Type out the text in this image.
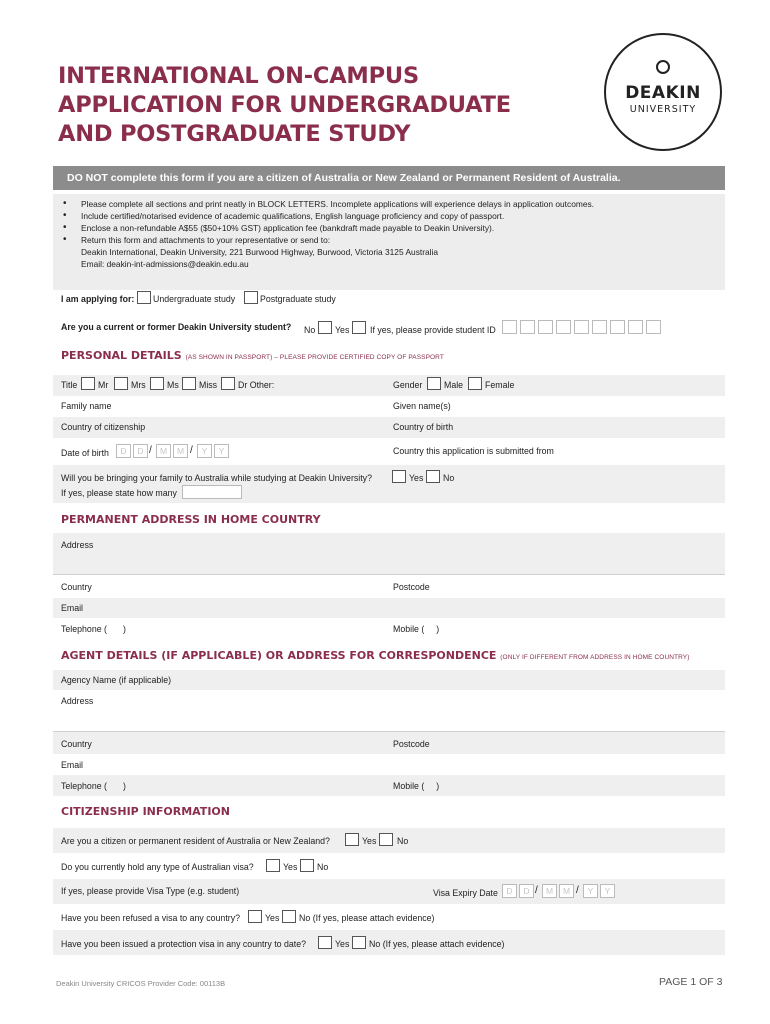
INTERNATIONAL ON-CAMPUS
APPLICATION FOR UNDERGRADUATE
AND POSTGRADUATE STUDY
DEAKIN
UNIVERSITY
DO NOT complete this form if you are a citizen of Australia or New Zealand or Permanent Resident of Australia.
• Please complete all sections and print neatly in BLOCK LETTERS. Incomplete applications will experience delays in application outcomes.
• Include certified/notarised evidence of academic qualifications, English language proficiency and copy of passport.
• Enclose a non-refundable A$55 ($50+10% GST) application fee (bankdraft made payable to Deakin University).
• Return this form and attachments to your representative or send to:
Deakin International, Deakin University, 221 Burwood Highway, Burwood, Victoria 3125 Australia
Email: deakin-int-admissions@deakin.edu.au
I am applying for: Undergraduate study	Postgraduate study
Are you a current or former Deakin University student? No Yes If yes, please provide student ID
PERSONAL DETAILS (AS SHOWN IN PASSPORT) – PLEASE PROVIDE CERTIFIED COPY OF PASSPORT
Title Mr	Mrs Ms Miss Dr Other:	Gender Male Female
Family name	Given name(s)
Country of citizenship	Country of birth
Date of birth	D	D / M	M /	Y	Y	Country this application is submitted from
Will you be bringing your family to Australia while studying at Deakin University?	Yes No
If yes, please state how many
PERMANENT ADDRESS IN HOME COUNTRY
Address
Country	Postcode
Email
Telephone ( )	Mobile ( )
AGENT DETAILS (IF APPLICABLE) OR ADDRESS FOR CORRESPONDENCE (ONLY IF DIFFERENT FROM ADDRESS IN HOME COUNTRY)
Agency Name (if applicable)
Address
Country	Postcode
Email
Telephone ( )	Mobile ( )
CITIZENSHIP INFORMATION
Are you a citizen or permanent resident of Australia or New Zealand?	Yes No
Do you currently hold any type of Australian visa?	Yes No
If yes, please provide Visa Type (e.g. student)	Visa Expiry Date	D	D / M	M /	Y	Y
Have you been refused a visa to any country?	Yes No (If yes, please attach evidence)
Have you been issued a protection visa in any country to date?	Yes No (If yes, please attach evidence)
Deakin University CRICOS Provider Code: 00113B	PAGE 1 OF 3
